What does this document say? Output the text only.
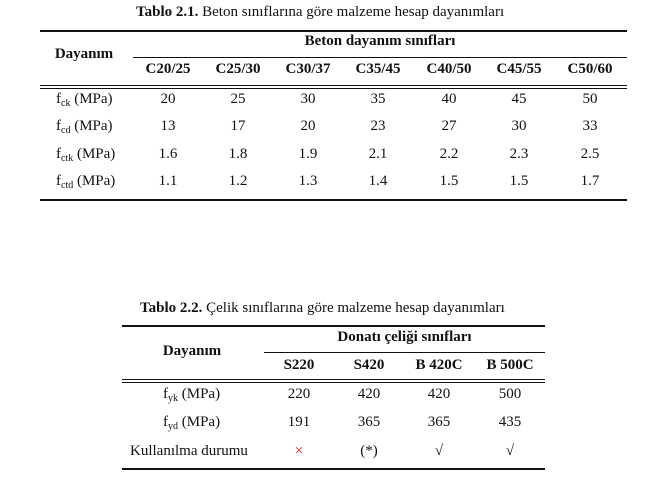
Tablo 2.1. Beton sınıflarına göre malzeme hesap dayanımları
Dayanım
Beton dayanım sınıfları
C20/25	C25/30	C30/37	C35/45	C40/50	C45/55	C50/60
$f_{ck}$ (MPa)	20	25	30	35	40	45	50
$f_{cd}$ (MPa)	13	17	20	23	27	30	33
$f_{ctk}$ (MPa)	1.6	1.8	1.9	2.1	2.2	2.3	2.5
$f_{ctd}$ (MPa)	1.1	1.2	1.3	1.4	1.5	1.5	1.7
Tablo 2.2. Çelik sınıflarına göre malzeme hesap dayanımları
Dayanım
Donatı çeliği sınıfları
S220	S420	B 420C	B 500C
$f_{yk}$ (MPa)	220	420	420	500
$f_{yd}$ (MPa)	191	365	365	435
Kullanılma durumu	×	(*)	√	√
